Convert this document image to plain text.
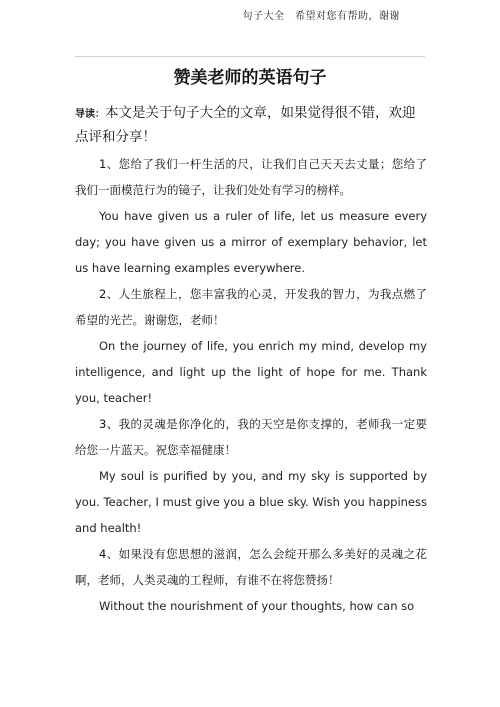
句子大全　希望对您有帮助，谢谢
赞美老师的英语句子

导读：本文是关于句子大全的文章，如果觉得很不错，欢迎点评和分享！

1、您给了我们一杆生活的尺，让我们自己天天去丈量；您给了我们一面模范行为的镜子，让我们处处有学习的榜样。

You have given us a ruler of life, let us measure every day; you have given us a mirror of exemplary behavior, let us have learning examples everywhere.

2、人生旅程上，您丰富我的心灵，开发我的智力，为我点燃了希望的光芒。谢谢您，老师！

On the journey of life, you enrich my mind, develop my intelligence, and light up the light of hope for me. Thank you, teacher!

3、我的灵魂是你净化的，我的天空是你支撑的，老师我一定要给您一片蓝天。祝您幸福健康！

My soul is purified by you, and my sky is supported by you. Teacher, I must give you a blue sky. Wish you happiness and health!

4、如果没有您思想的滋润，怎么会绽开那么多美好的灵魂之花啊，老师，人类灵魂的工程师，有谁不在将您赞扬！

Without the nourishment of your thoughts, how can so
